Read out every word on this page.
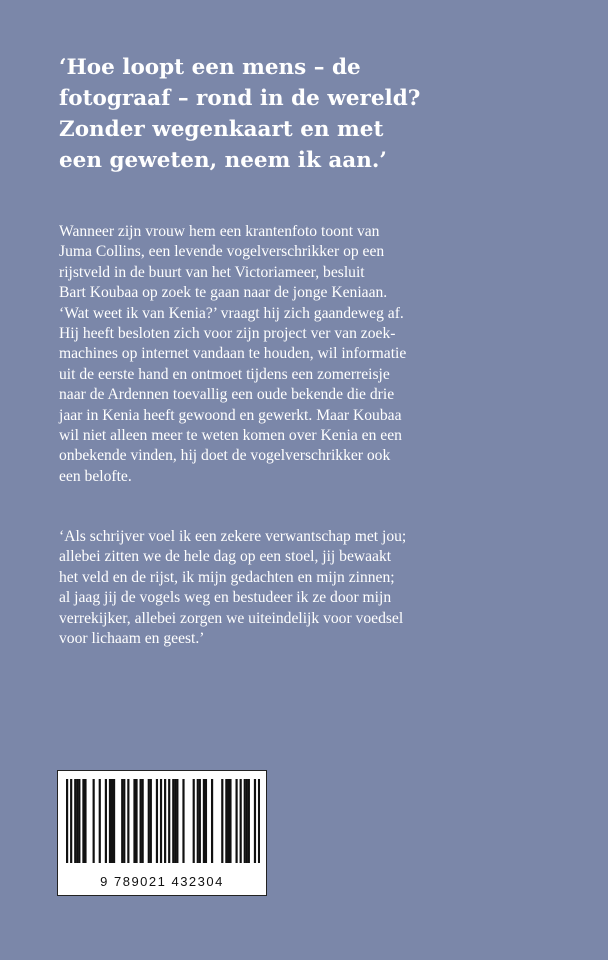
‘Hoe loopt een mens – de
fotograaf – rond in de wereld?
Zonder wegenkaart en met
een geweten, neem ik aan.’

Wanneer zijn vrouw hem een krantenfoto toont van
Juma Collins, een levende vogelverschrikker op een
rijstveld in de buurt van het Victoriameer, besluit
Bart Koubaa op zoek te gaan naar de jonge Keniaan.
‘Wat weet ik van Kenia?’ vraagt hij zich gaandeweg af.
Hij heeft besloten zich voor zijn project ver van zoek-
machines op internet vandaan te houden, wil informatie
uit de eerste hand en ontmoet tijdens een zomerreisje
naar de Ardennen toevallig een oude bekende die drie
jaar in Kenia heeft gewoond en gewerkt. Maar Koubaa
wil niet alleen meer te weten komen over Kenia en een
onbekende vinden, hij doet de vogelverschrikker ook
een belofte.

‘Als schrijver voel ik een zekere verwantschap met jou;
allebei zitten we de hele dag op een stoel, jij bewaakt
het veld en de rijst, ik mijn gedachten en mijn zinnen;
al jaag jij de vogels weg en bestudeer ik ze door mijn
verrekijker, allebei zorgen we uiteindelijk voor voedsel
voor lichaam en geest.’

9 789021 432304
